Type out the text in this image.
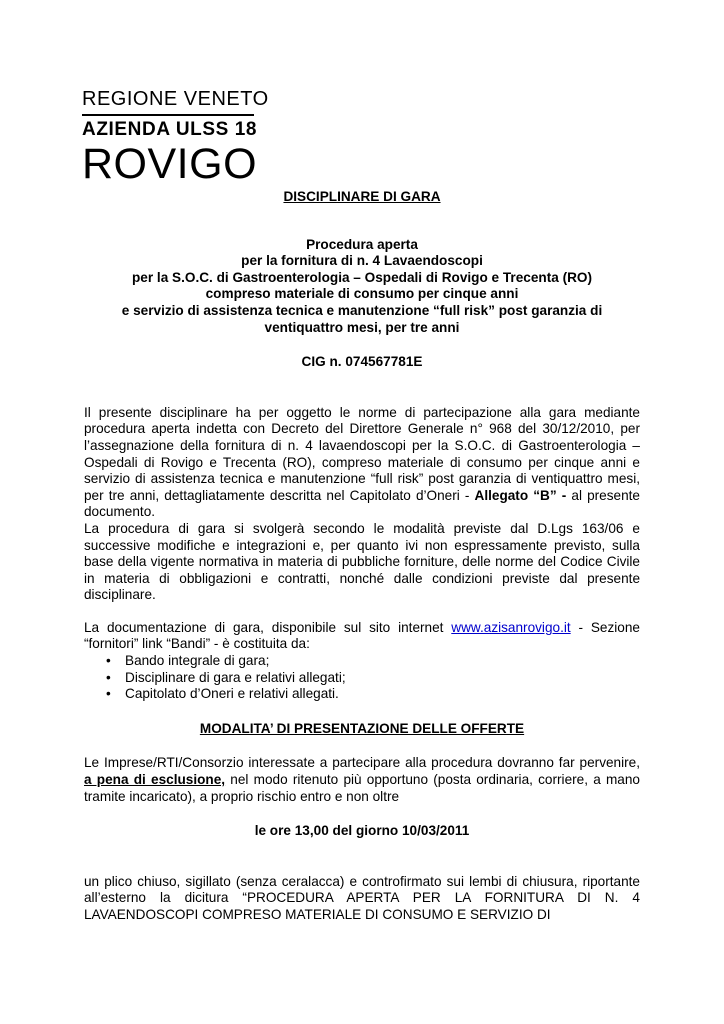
REGIONE VENETO
AZIENDA ULSS 18
ROVIGO

DISCIPLINARE DI GARA

Procedura aperta
per la fornitura di n. 4 Lavaendoscopi
per la S.O.C. di Gastroenterologia – Ospedali di Rovigo e Trecenta (RO)
compreso materiale di consumo per cinque anni
e servizio di assistenza tecnica e manutenzione “full risk” post garanzia di
ventiquattro mesi, per tre anni

CIG n. 074567781E

Il presente disciplinare ha per oggetto le norme di partecipazione alla gara mediante procedura aperta indetta con Decreto del Direttore Generale n° 968 del 30/12/2010, per l’assegnazione della fornitura di n. 4 lavaendoscopi per la S.O.C. di Gastroenterologia – Ospedali di Rovigo e Trecenta (RO), compreso materiale di consumo per cinque anni e servizio di assistenza tecnica e manutenzione “full risk” post garanzia di ventiquattro mesi, per tre anni, dettagliatamente descritta nel Capitolato d’Oneri - Allegato “B” - al presente documento.

La procedura di gara si svolgerà secondo le modalità previste dal D.Lgs 163/06 e successive modifiche e integrazioni e, per quanto ivi non espressamente previsto, sulla base della vigente normativa in materia di pubbliche forniture, delle norme del Codice Civile in materia di obbligazioni e contratti, nonché dalle condizioni previste dal presente disciplinare.

La documentazione di gara, disponibile sul sito internet www.azisanrovigo.it - Sezione “fornitori” link “Bandi” - è costituita da:

• Bando integrale di gara;
• Disciplinare di gara e relativi allegati;
• Capitolato d’Oneri e relativi allegati.

MODALITA’ DI PRESENTAZIONE DELLE OFFERTE

Le Imprese/RTI/Consorzio interessate a partecipare alla procedura dovranno far pervenire, a pena di esclusione, nel modo ritenuto più opportuno (posta ordinaria, corriere, a mano tramite incaricato), a proprio rischio entro e non oltre

le ore 13,00 del giorno 10/03/2011

un plico chiuso, sigillato (senza ceralacca) e controfirmato sui lembi di chiusura, riportante all’esterno la dicitura “PROCEDURA APERTA PER LA FORNITURA DI N. 4 LAVAENDOSCOPI COMPRESO MATERIALE DI CONSUMO E SERVIZIO DI
